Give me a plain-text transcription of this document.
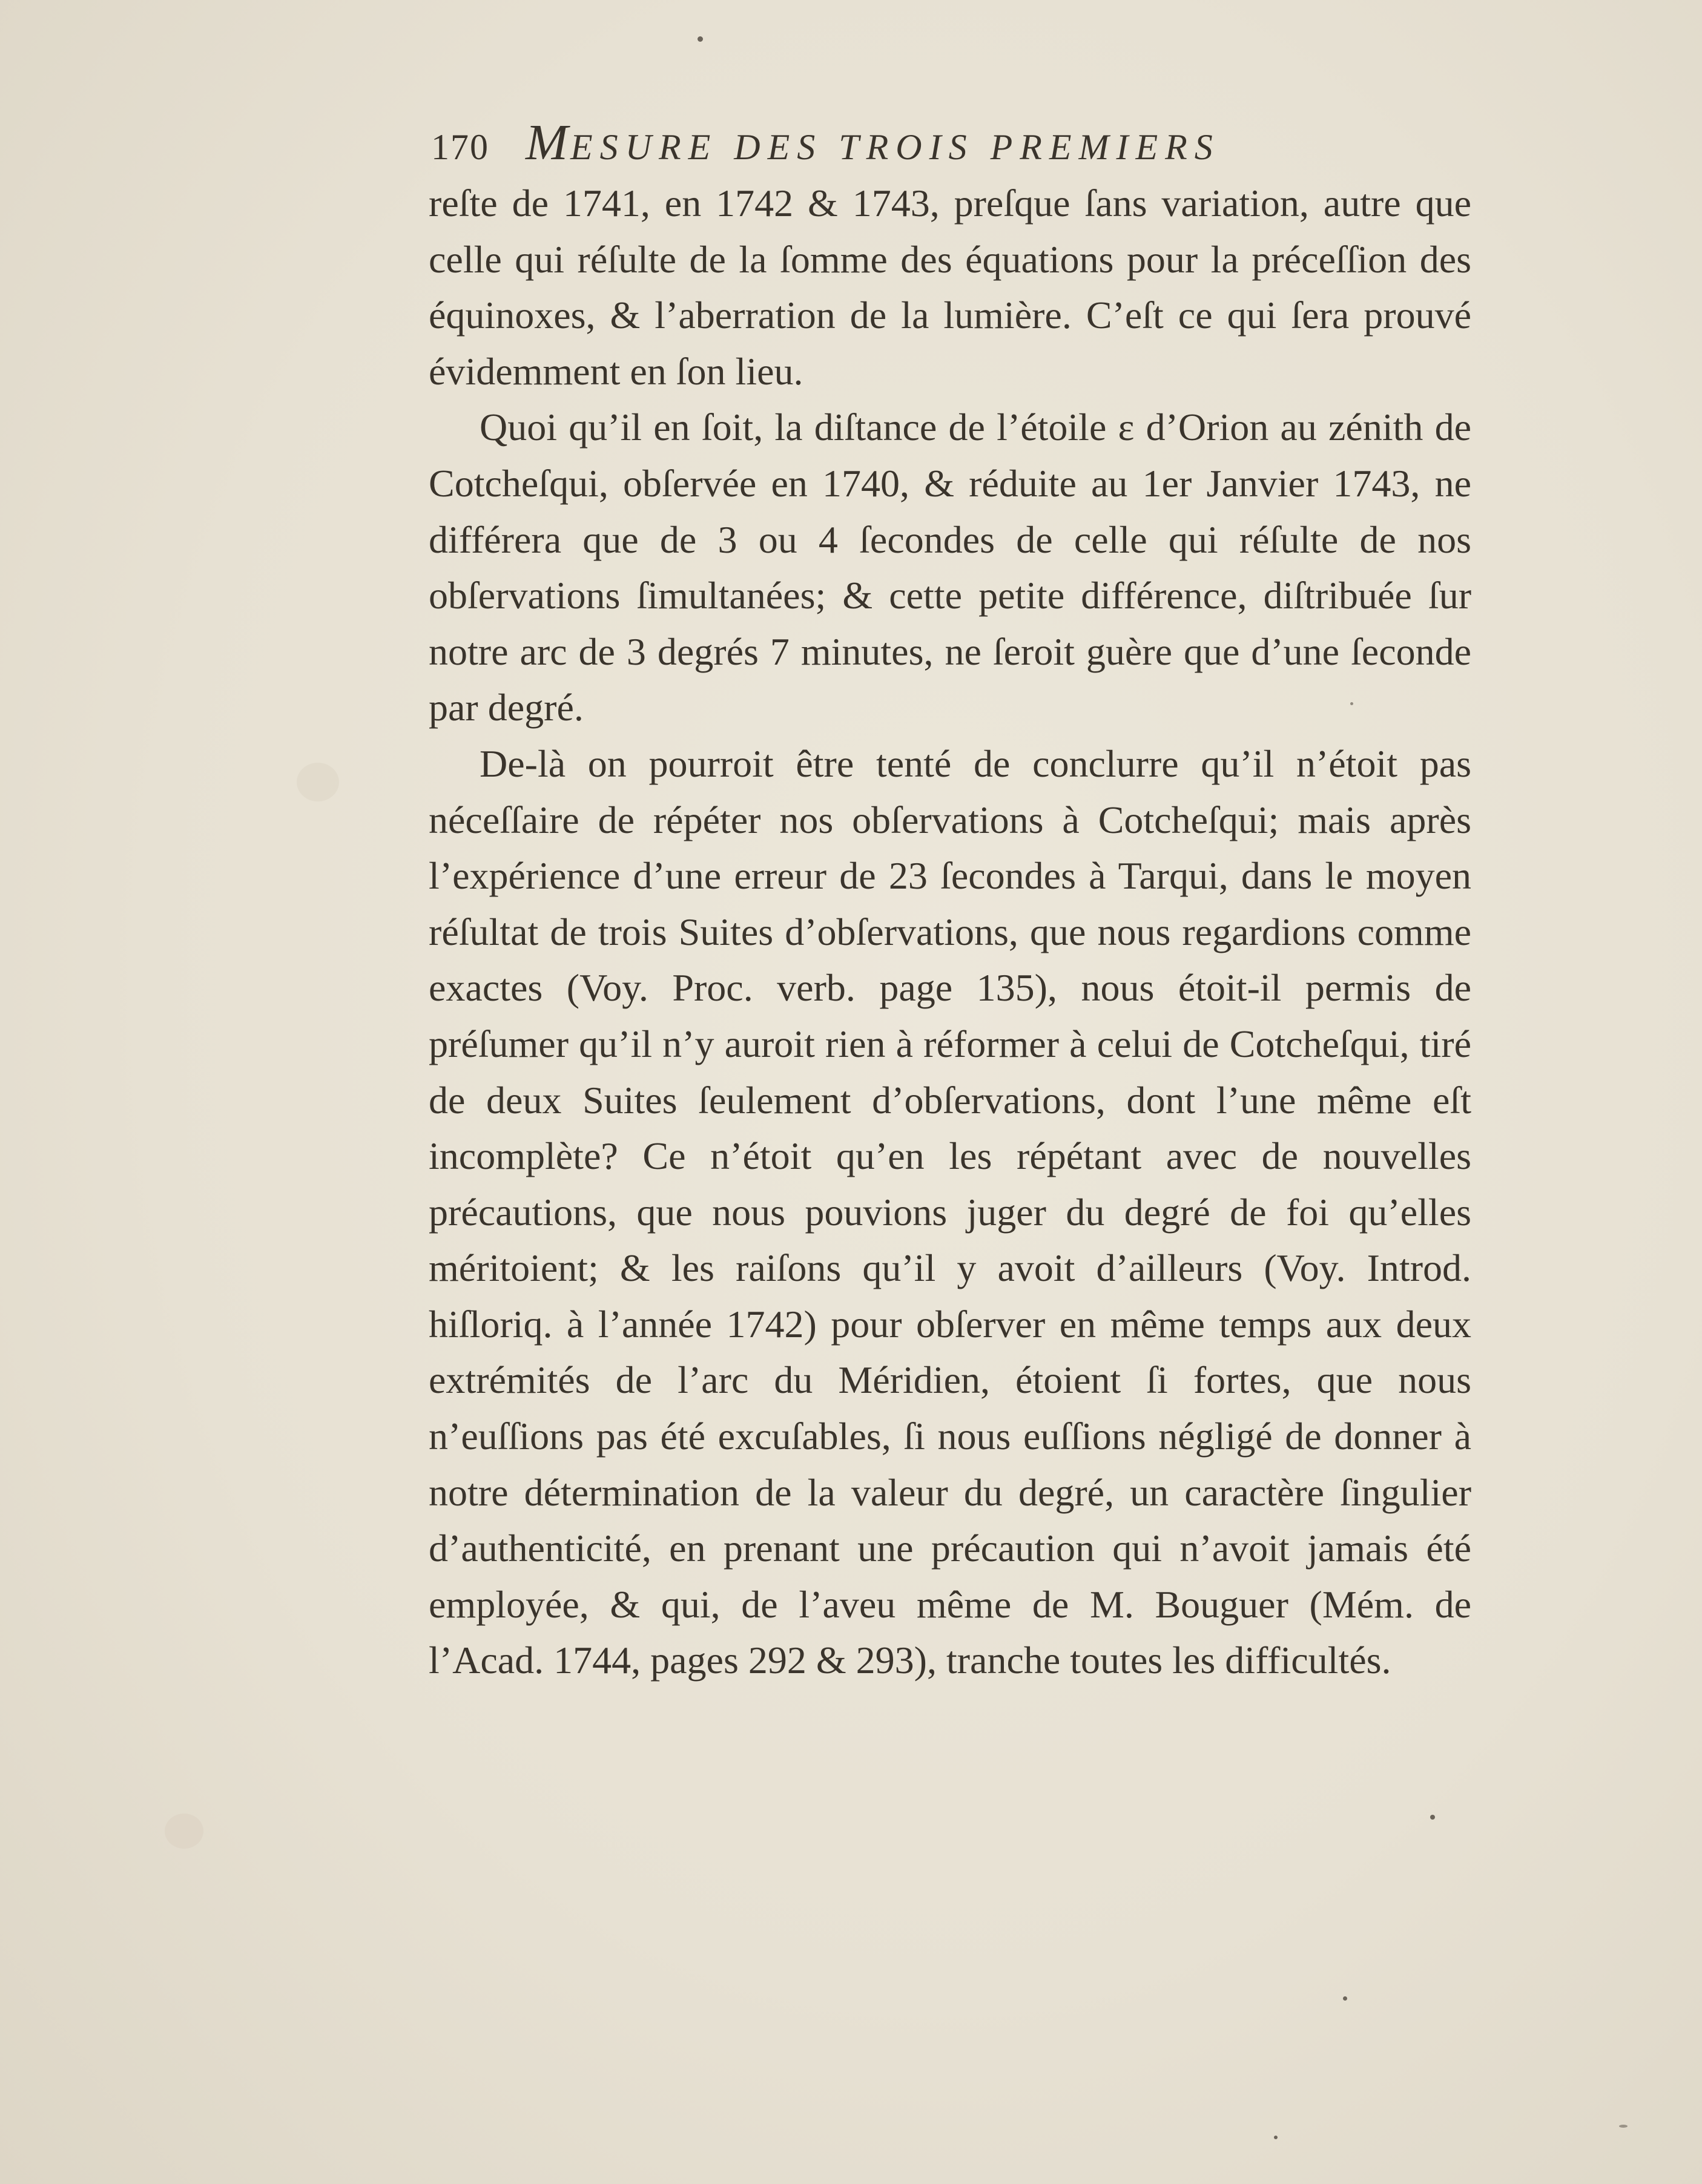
170 MESURE DES TROIS PREMIERS

reſte de 1741, en 1742 & 1743, preſque ſans variation, autre que celle qui réſulte de la ſomme des équations pour la préceſſion des équinoxes, & l’aberration de la lumière. C’eſt ce qui ſera prouvé évidemment en ſon lieu.

Quoi qu’il en ſoit, la diſtance de l’étoile ε d’Orion au zénith de Cotcheſqui, obſervée en 1740, & réduite au 1er Janvier 1743, ne différera que de 3 ou 4 ſecondes de celle qui réſulte de nos obſervations ſimultanées; & cette petite différence, diſtribuée ſur notre arc de 3 degrés 7 minutes, ne ſeroit guère que d’une ſeconde par degré.

De-là on pourroit être tenté de conclurre qu’il n’étoit pas néceſſaire de répéter nos obſervations à Cotcheſqui; mais après l’expérience d’une erreur de 23 ſecondes à Tarqui, dans le moyen réſultat de trois Suites d’obſervations, que nous regardions comme exactes (Voy. Proc. verb. page 135), nous étoit-il permis de préſumer qu’il n’y auroit rien à réformer à celui de Cotcheſqui, tiré de deux Suites ſeulement d’obſervations, dont l’une même eſt incomplète? Ce n’étoit qu’en les répétant avec de nouvelles précautions, que nous pouvions juger du degré de foi qu’elles méritoient; & les raiſons qu’il y avoit d’ailleurs (Voy. Introd. hiſloriq. à l’année 1742) pour obſerver en même temps aux deux extrémités de l’arc du Méridien, étoient ſi fortes, que nous n’euſſions pas été excuſables, ſi nous euſſions négligé de donner à notre détermination de la valeur du degré, un caractère ſingulier d’authenticité, en prenant une précaution qui n’avoit jamais été employée, & qui, de l’aveu même de M. Bouguer (Mém. de l’Acad. 1744, pages 292 & 293), tranche toutes les difficultés.
